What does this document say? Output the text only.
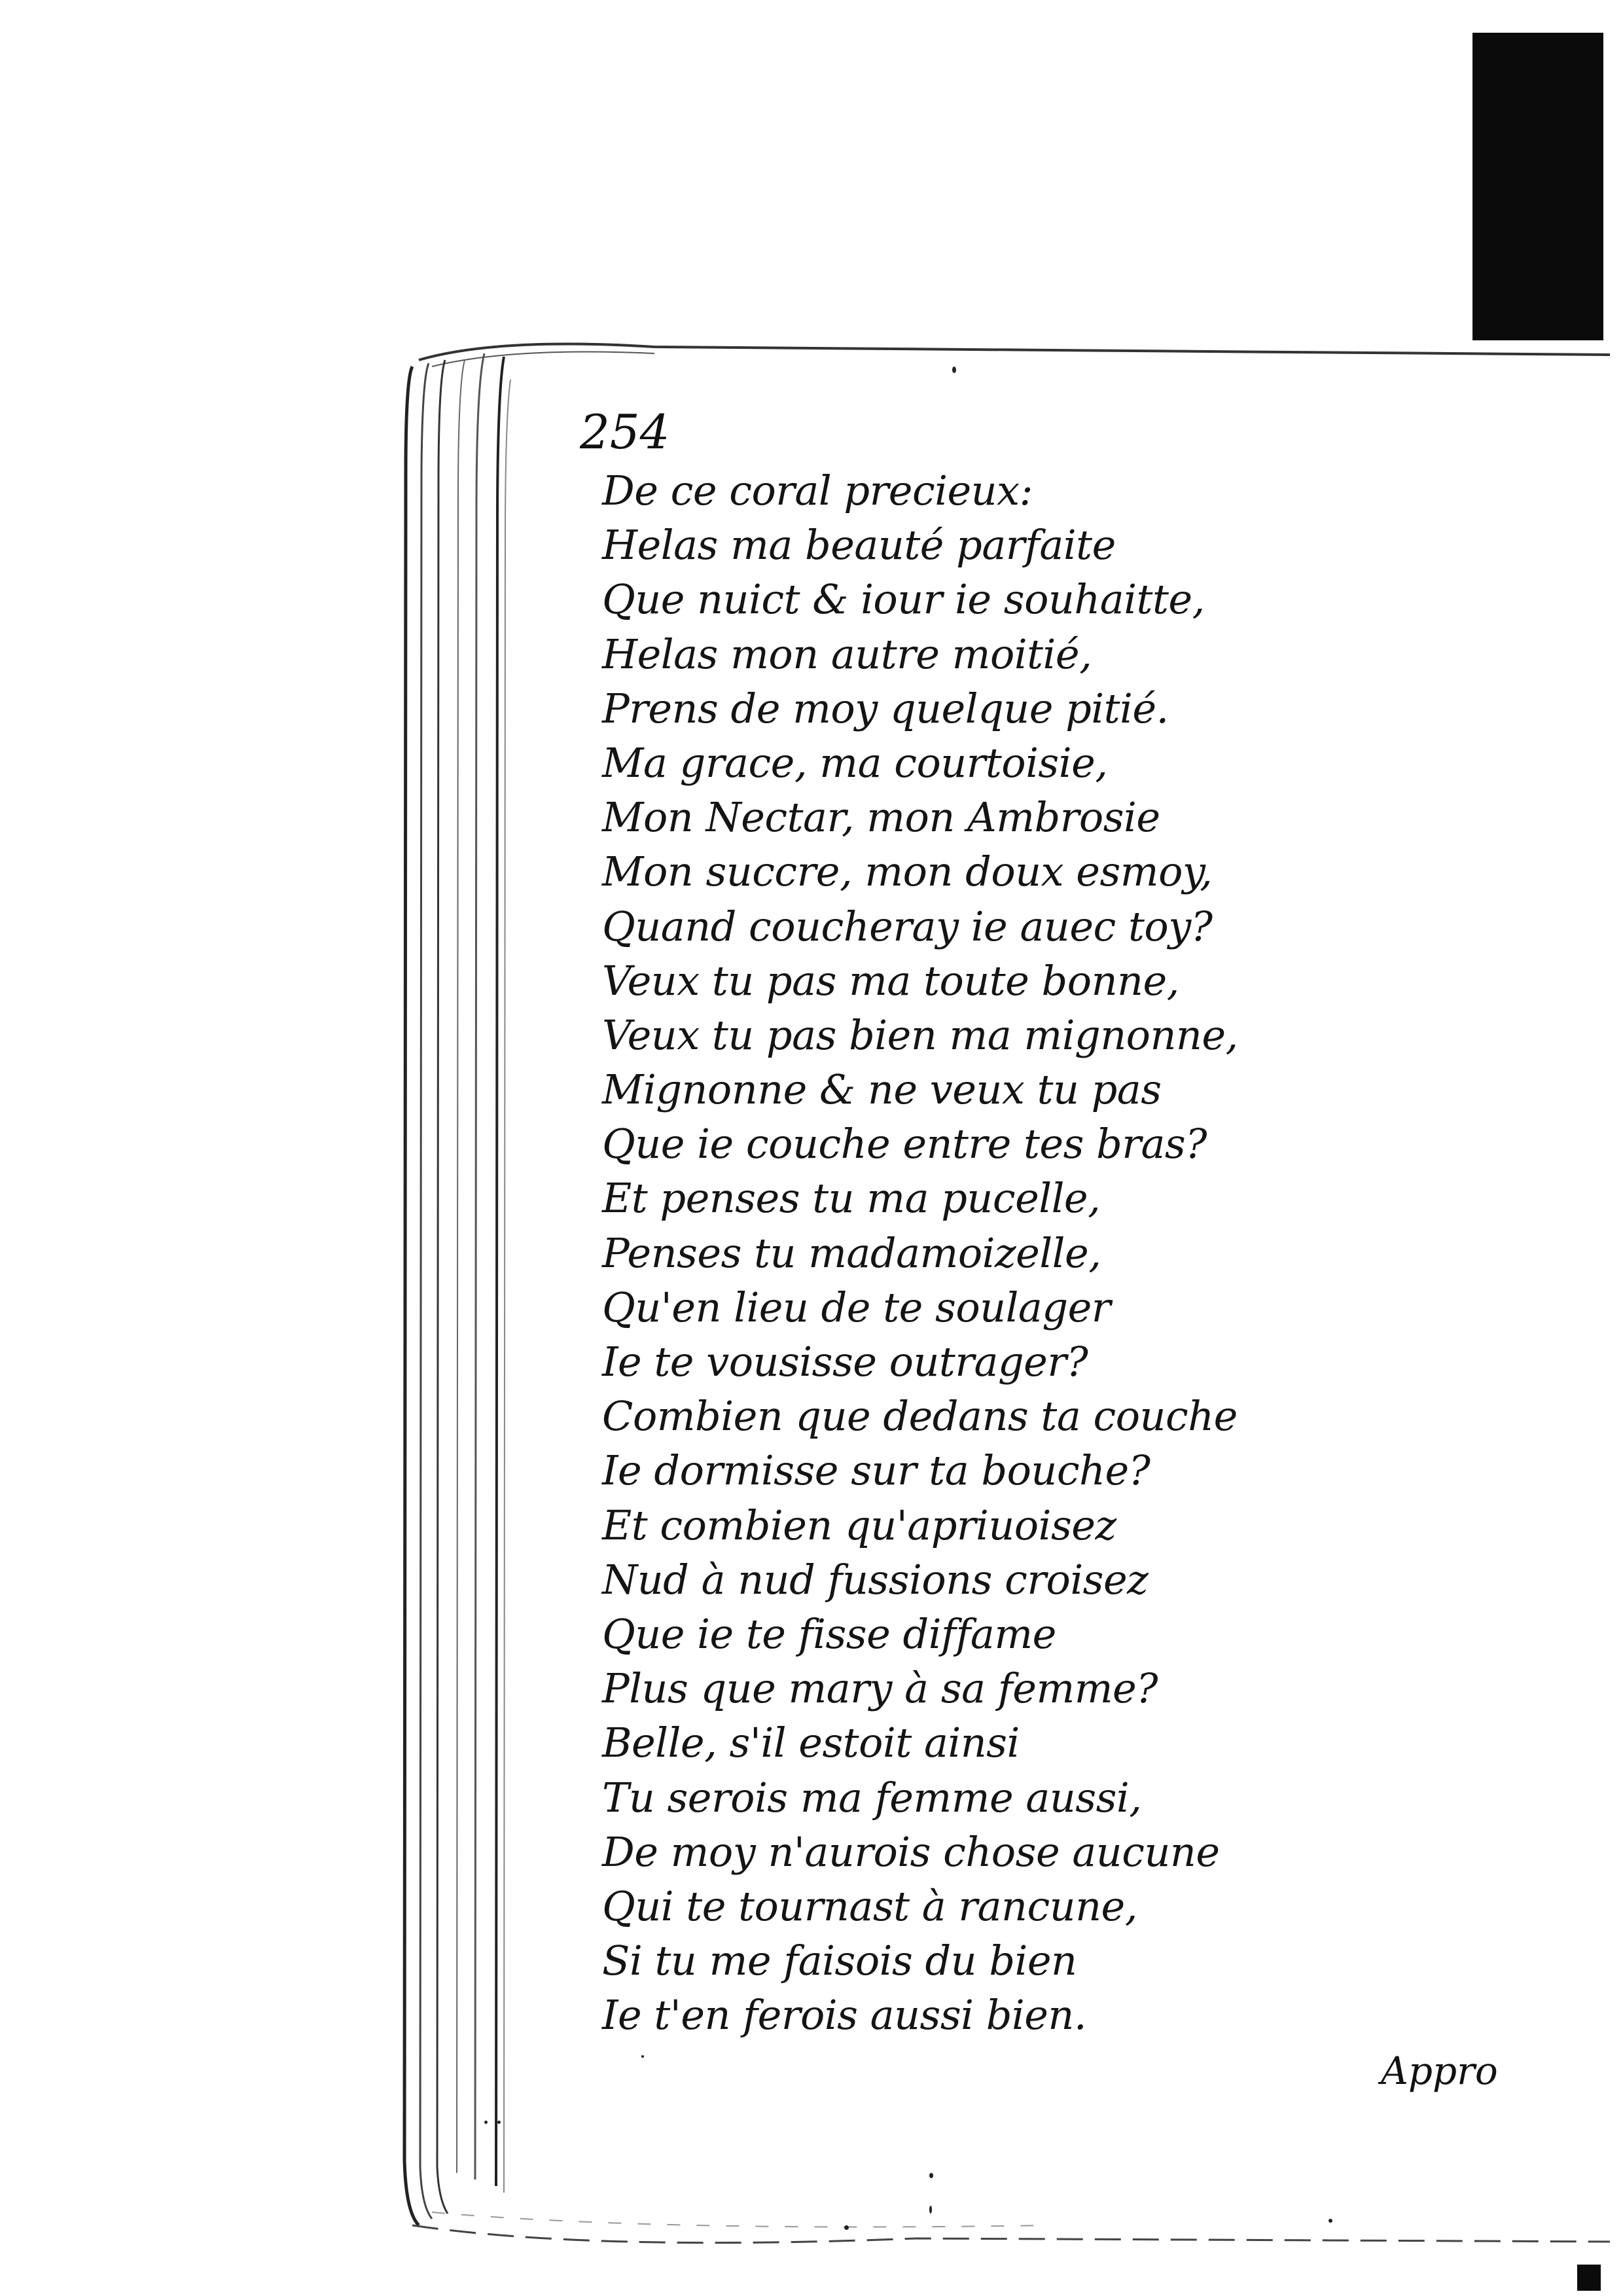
254
De ce coral precieux:
Helas ma beauté parfaite
Que nuict & iour ie souhaitte,
Helas mon autre moitié,
Prens de moy quelque pitié.
Ma grace, ma courtoisie,
Mon Nectar, mon Ambrosie
Mon succre, mon doux esmoy,
Quand coucheray ie auec toy?
Veux tu pas ma toute bonne,
Veux tu pas bien ma mignonne,
Mignonne & ne veux tu pas
Que ie couche entre tes bras?
Et penses tu ma pucelle,
Penses tu madamoizelle,
Qu'en lieu de te soulager
Ie te vousisse outrager?
Combien que dedans ta couche
Ie dormisse sur ta bouche?
Et combien qu'apriuoisez
Nud à nud fussions croisez
Que ie te fisse diffame
Plus que mary à sa femme?
Belle, s'il estoit ainsi
Tu serois ma femme aussi,
De moy n'aurois chose aucune
Qui te tournast à rancune,
Si tu me faisois du bien
Ie t'en ferois aussi bien.
Appro
